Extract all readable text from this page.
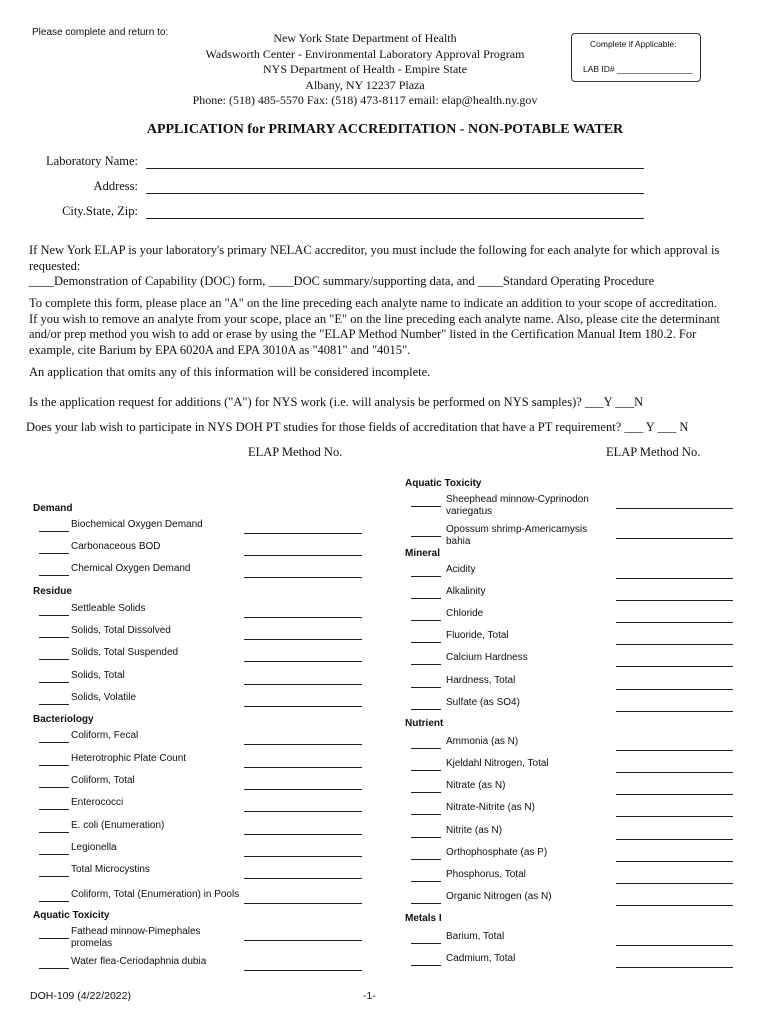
Please complete and return to:	New York State Department of Health
Wadsworth Center - Environmental Laboratory Approval Program
NYS Department of Health - Empire State
Albany, NY 12237 Plaza
Phone: (518) 485-5570 Fax: (518) 473-8117 email: elap@health.ny.gov
Complete if Applicable:
LAB ID# ________________
APPLICATION for PRIMARY ACCREDITATION - NON-POTABLE WATER
Laboratory Name:
Address:
City.State, Zip:
If New York ELAP is your laboratory's primary NELAC accreditor, you must include the following for each analyte for which approval is
requested:
____Demonstration of Capability (DOC) form, ____DOC summary/supporting data, and ____Standard Operating Procedure
To complete this form, please place an "A" on the line preceding each analyte name to indicate an addition to your scope of accreditation.
If you wish to remove an analyte from your scope, place an "E" on the line preceding each analyte name. Also, please cite the determinant
and/or prep method you wish to add or erase by using the "ELAP Method Number" listed in the Certification Manual Item 180.2. For
example, cite Barium by EPA 6020A and EPA 3010A as "4081" and "4015".
An application that omits any of this information will be considered incomplete.
Is the application request for additions ("A") for NYS work (i.e. will analysis be performed on NYS samples)? ___Y ___N
Does your lab wish to participate in NYS DOH PT studies for those fields of accreditation that have a PT requirement? ___ Y ___ N
ELAP Method No.	ELAP Method No.
Demand
Biochemical Oxygen Demand
Carbonaceous BOD
Chemical Oxygen Demand
Residue
Settleable Solids
Solids, Total Dissolved
Solids, Total Suspended
Solids, Total
Solids, Volatile
Bacteriology
Coliform, Fecal
Heterotrophic Plate Count
Coliform, Total
Enterococci
E. coli (Enumeration)
Legionella
Total Microcystins
Coliform, Total (Enumeration) in Pools
Aquatic Toxicity
Fathead minnow-Pimephales promelas
Water flea-Ceriodaphnia dubia
Aquatic Toxicity
Sheephead minnow-Cyprinodon variegatus
Opossum shrimp-Americamysis bahia
Mineral
Acidity
Alkalinity
Chloride
Fluoride, Total
Calcium Hardness
Hardness, Total
Sulfate (as SO4)
Nutrient
Ammonia (as N)
Kjeldahl Nitrogen, Total
Nitrate (as N)
Nitrate-Nitrite (as N)
Nitrite (as N)
Orthophosphate (as P)
Phosphorus, Total
Organic Nitrogen (as N)
Metals I
Barium, Total
Cadmium, Total
DOH-109 (4/22/2022)	-1-
